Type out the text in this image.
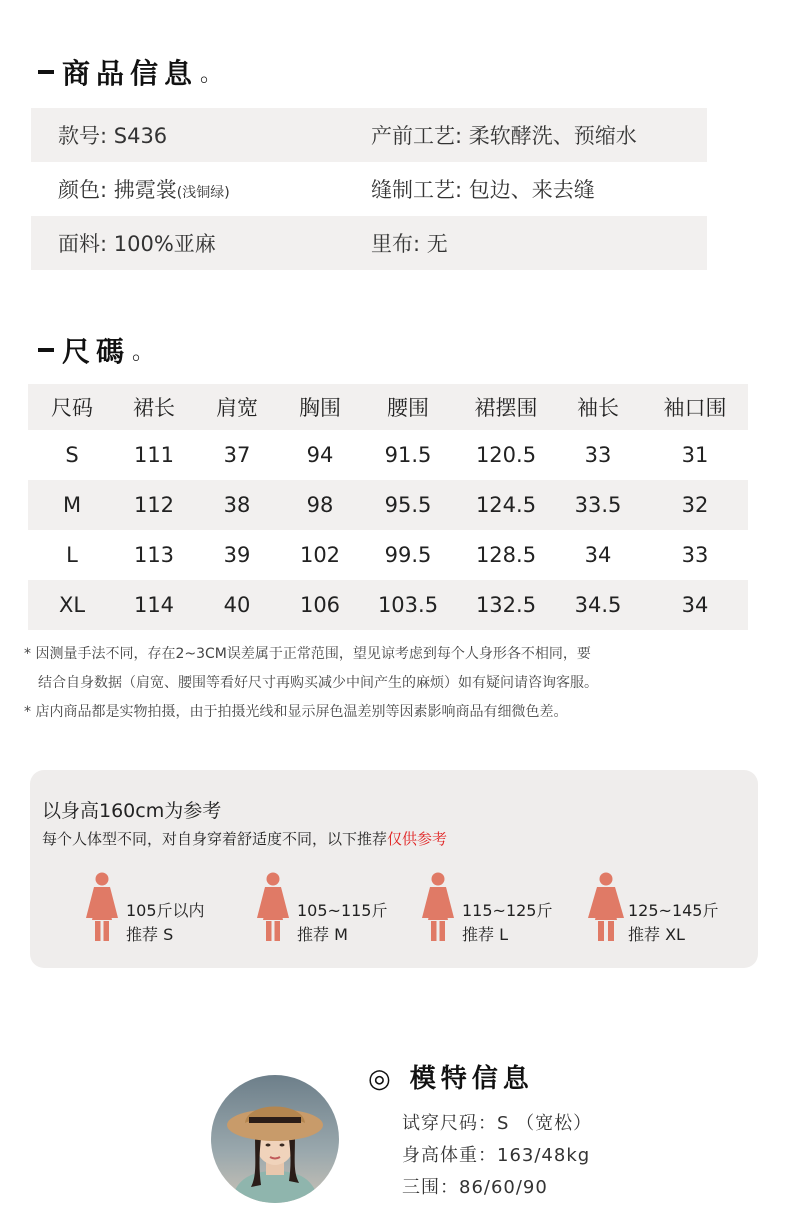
商品信息 。
款号: S436	产前工艺: 柔软酵洗、预缩水
颜色: 拂霓裳(浅铜绿)	缝制工艺: 包边、来去缝
面料: 100%亚麻	里布: 无
尺碼 。
尺码	裙长	肩宽	胸围	腰围	裙摆围	袖长	袖口围
S	111	37	94	91.5	120.5	33	31
M	112	38	98	95.5	124.5	33.5	32
L	113	39	102	99.5	128.5	34	33
XL	114	40	106	103.5	132.5	34.5	34
* 因测量手法不同，存在2~3CM误差属于正常范围，望见谅考虑到每个人身形各不相同，要
结合自身数据（肩宽、腰围等看好尺寸再购买减少中间产生的麻烦）如有疑问请咨询客服。
* 店内商品都是实物拍摄，由于拍摄光线和显示屏色温差别等因素影响商品有细微色差。
以身高160cm为参考
每个人体型不同，对自身穿着舒适度不同，以下推荐仅供参考
105斤以内
推荐 S
105~115斤
推荐 M
115~125斤
推荐 L
125~145斤
推荐 XL
◎ 模特信息
试穿尺码：S （宽松）
身高体重：163/48kg
三围：86/60/90
